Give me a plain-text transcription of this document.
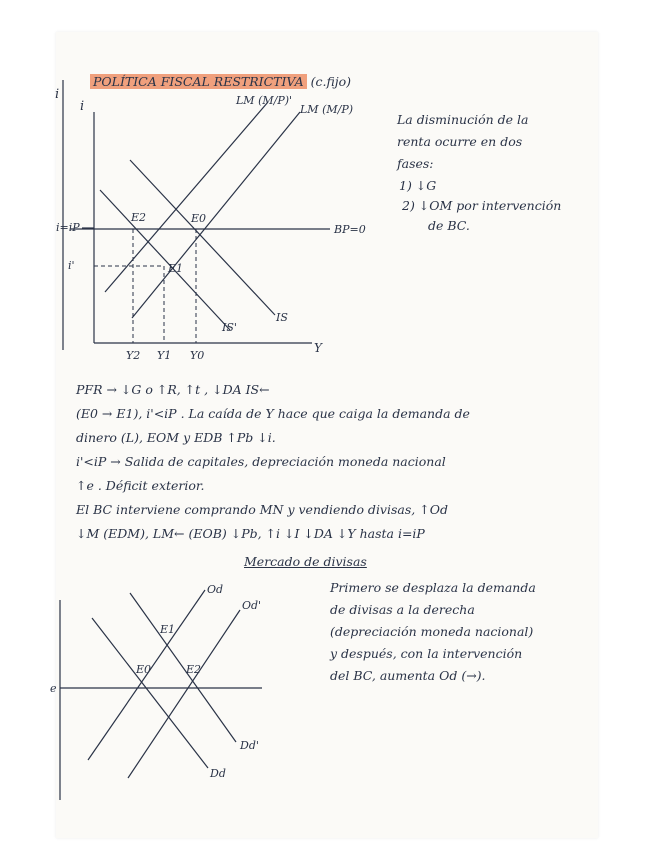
POLÍTICA FISCAL RESTRICTIVA (c.fijo)
i
i	LM (M/P)'
LM (M/P)
BP=0
IS
IS'
Y
E2	E0
E1
i=iP
i'
Y2 Y1 Y0
La disminución de la
renta ocurre en dos
fases:
1) ↓G
2) ↓OM por intervención
de BC.
PFR → ↓G o ↑R, ↑t , ↓DA IS←
(E0 → E1), i'<iP . La caída de Y hace que caiga la demanda de
dinero (L), EOM y EDB ↑Pb ↓i.
i'<iP → Salida de capitales, depreciación moneda nacional
↑e . Déficit exterior.
El BC interviene comprando MN y vendiendo divisas, ↑Od
↓M (EDM), LM← (EOB) ↓Pb, ↑i ↓I ↓DA ↓Y hasta i=iP
Mercado de divisas
Od
Od'
Dd'
Dd
E1
E0	E2
e
Primero se desplaza la demanda
de divisas a la derecha
(depreciación moneda nacional)
y después, con la intervención
del BC, aumenta Od (→).
